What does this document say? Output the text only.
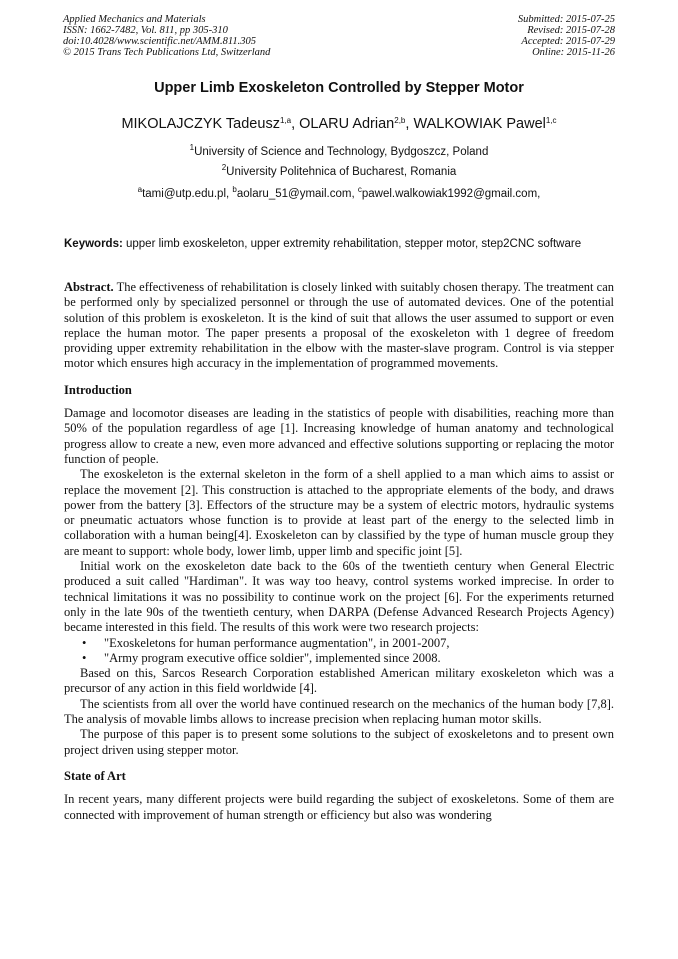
Applied Mechanics and Materials
ISSN: 1662-7482, Vol. 811, pp 305-310
doi:10.4028/www.scientific.net/AMM.811.305
© 2015 Trans Tech Publications Ltd, Switzerland
Submitted: 2015-07-25
Revised: 2015-07-28
Accepted: 2015-07-29
Online: 2015-11-26
Upper Limb Exoskeleton Controlled by Stepper Motor
MIKOLAJCZYK Tadeusz$^{1,a}$, OLARU Adrian$^{2,b}$, WALKOWIAK Pawel$^{1,c}$
$^1$University of Science and Technology, Bydgoszcz, Poland
$^2$University Politehnica of Bucharest, Romania
$^a$tami@utp.edu.pl, $^b$aolaru_51@ymail.com, $^c$pawel.walkowiak1992@gmail.com,
Keywords: upper limb exoskeleton, upper extremity rehabilitation, stepper motor, step2CNC software

Abstract. The effectiveness of rehabilitation is closely linked with suitably chosen therapy. The treatment can be performed only by specialized personnel or through the use of automated devices. One of the potential solution of this problem is exoskeleton. It is the kind of suit that allows the user assumed to support or even replace the human motor. The paper presents a proposal of the exoskeleton with 1 degree of freedom providing upper extremity rehabilitation in the elbow with the master-slave program. Control is via stepper motor which ensures high accuracy in the implementation of programmed movements.

Introduction

Damage and locomotor diseases are leading in the statistics of people with disabilities, reaching more than 50% of the population regardless of age [1]. Increasing knowledge of human anatomy and technological progress allow to create a new, even more advanced and effective solutions supporting or replacing the motor function of people.

The exoskeleton is the external skeleton in the form of a shell applied to a man which aims to assist or replace the movement [2]. This construction is attached to the appropriate elements of the body, and draws power from the battery [3]. Effectors of the structure may be a system of electric motors, hydraulic systems or pneumatic actuators whose function is to provide at least part of the energy to the selected limb in collaboration with a human being[4]. Exoskeleton can by classified by the type of human muscle group they are meant to support: whole body, lower limb, upper limb and specific joint [5].

Initial work on the exoskeleton date back to the 60s of the twentieth century when General Electric produced a suit called "Hardiman". It was way too heavy, control systems worked imprecise. In order to technical limitations it was no possibility to continue work on the project [6]. For the experiments returned only in the late 90s of the twentieth century, when DARPA (Defense Advanced Research Projects Agency) became interested in this field. The results of this work were two research projects:

• "Exoskeletons for human performance augmentation", in 2001-2007,
• "Army program executive office soldier", implemented since 2008.

Based on this, Sarcos Research Corporation established American military exoskeleton which was a precursor of any action in this field worldwide [4].

The scientists from all over the world have continued research on the mechanics of the human body [7,8]. The analysis of movable limbs allows to increase precision when replacing human motor skills.

The purpose of this paper is to present some solutions to the subject of exoskeletons and to present own project driven using stepper motor.

State of Art

In recent years, many different projects were build regarding the subject of exoskeletons. Some of them are connected with improvement of human strength or efficiency but also was wondering
